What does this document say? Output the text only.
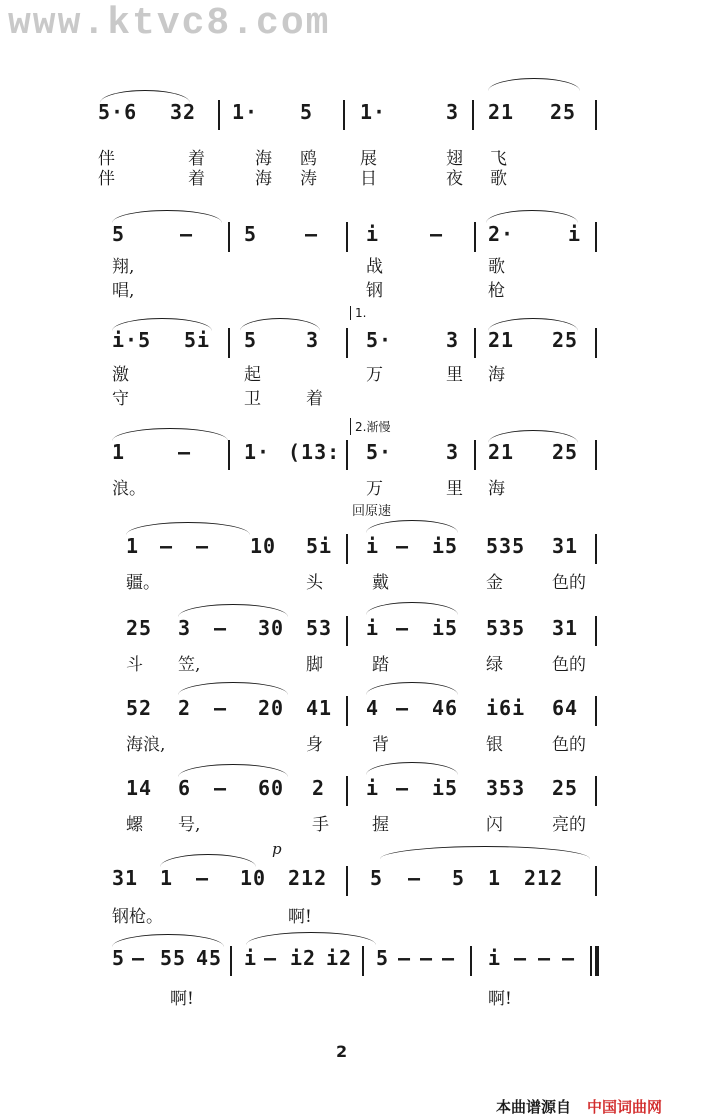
www.ktvc8.com
5·6 32 1· 5 1·	3 21 25
伴	着	海 鸥	展	翅 飞
伴	着	海 涛	日	夜 歌
5	—	5 — i	— 2·	i
翔,	战	歌
唱,	钢	枪
1.
i·5 5i 5 3 5·	3 21 25
激	起	万	里 海
守	卫	着
2.渐慢
1	—	1· (13: 5·	3 21 25
浪。	万	里 海
回原速
1 — — 10 5i i — i5 535 31
疆。	头	戴	金	色的
25 3 — 30 53 i — i5 535 31
斗 笠,	脚	踏	绿	色的
52 2 — 20 41 4 — 46 i6i 64
海浪,	身	背	银	色的
14 6 — 60 2 i — i5 353 25
螺 号,	手	握	闪	亮的
p
31 1 — 10 212 5 — 5 1 212
钢枪。	啊!
5 — 55 45 i — i2 i2 5 — — — i — — —
啊!	啊!
2
本曲谱源自 中国词曲网
